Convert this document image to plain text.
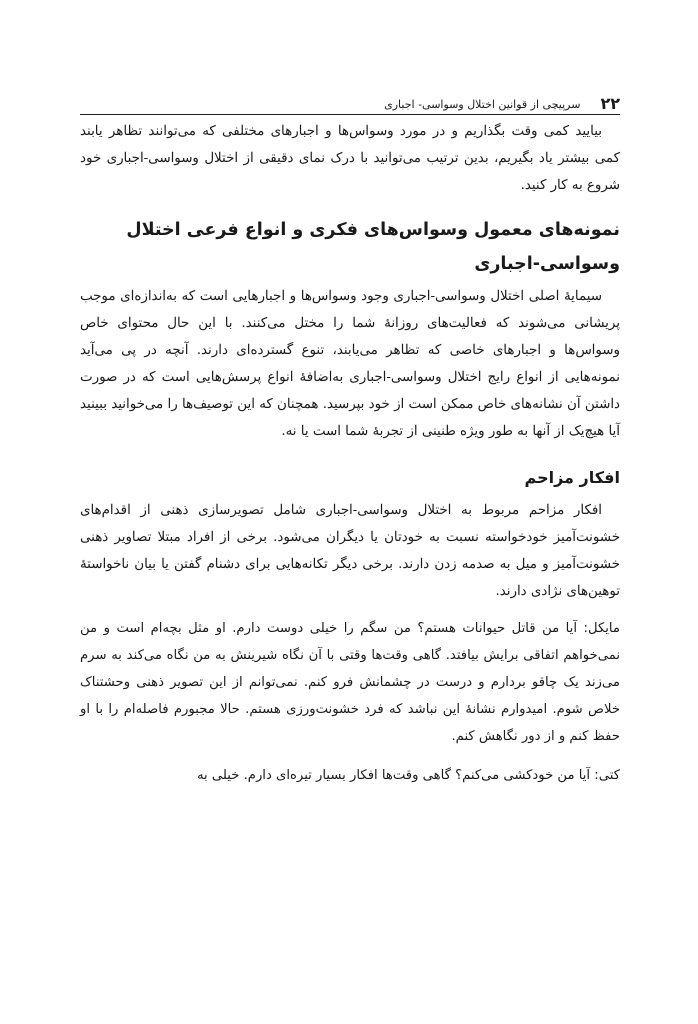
۲۲
سرپیچی از قوانین اختلال وسواسی- اجباری

بیایید کمی وقت بگذاریم و در مورد وسواس‌ها و اجبارهای مختلفی که می‌توانند تظاهر یابند کمی بیشتر یاد بگیریم، بدین ترتیب می‌توانید با درک نمای دقیقی از اختلال وسواسی-اجباری خود شروع به کار کنید.

نمونه‌های معمول وسواس‌های فکری و انواع فرعی اختلال وسواسی-اجباری

سیمایهٔ اصلی اختلال وسواسی-اجباری وجود وسواس‌ها و اجبارهایی است که به‌اندازه‌ای موجب پریشانی می‌شوند که فعالیت‌های روزانهٔ شما را مختل می‌کنند. با این حال محتوای خاص وسواس‌ها و اجبارهای خاصی که تظاهر می‌یابند، تنوع گسترده‌ای دارند. آنچه در پی می‌آید نمونه‌هایی از انواع رایج اختلال وسواسی-اجباری به‌اضافهٔ انواع پرسش‌هایی است که در صورت داشتن آن نشانه‌های خاص ممکن است از خود بپرسید. همچنان که این توصیف‌ها را می‌خوانید ببینید آیا هیچ‌یک از آنها به طور ویژه طنینی از تجربهٔ شما است یا نه.

افکار مزاحم

افکار مزاحم مربوط به اختلال وسواسی-اجباری شامل تصویرسازی ذهنی از اقدام‌های خشونت‌آمیز خودخواسته نسبت به خودتان یا دیگران می‌شود. برخی از افراد مبتلا تصاویر ذهنی خشونت‌آمیز و میل به صدمه زدن دارند. برخی دیگر تکانه‌هایی برای دشنام گفتن یا بیان ناخواستهٔ توهین‌های نژادی دارند.

مایکل: آیا من قاتل حیوانات هستم؟ من سگم را خیلی دوست دارم. او مثل بچه‌ام است و من نمی‌خواهم اتفاقی برایش بیافتد. گاهی وقت‌ها وقتی با آن نگاه شیرینش به من نگاه می‌کند به سرم می‌زند یک چاقو بردارم و درست در چشمانش فرو کنم. نمی‌توانم از این تصویر ذهنی وحشتناک خلاص شوم. امیدوارم نشانهٔ این نباشد که فرد خشونت‌ورزی هستم. حالا مجبورم فاصله‌ام را با او حفظ کنم و از دور نگاهش کنم.

کتی: آیا من خودکشی می‌کنم؟ گاهی وقت‌ها افکار بسیار تیره‌ای دارم. خیلی به
